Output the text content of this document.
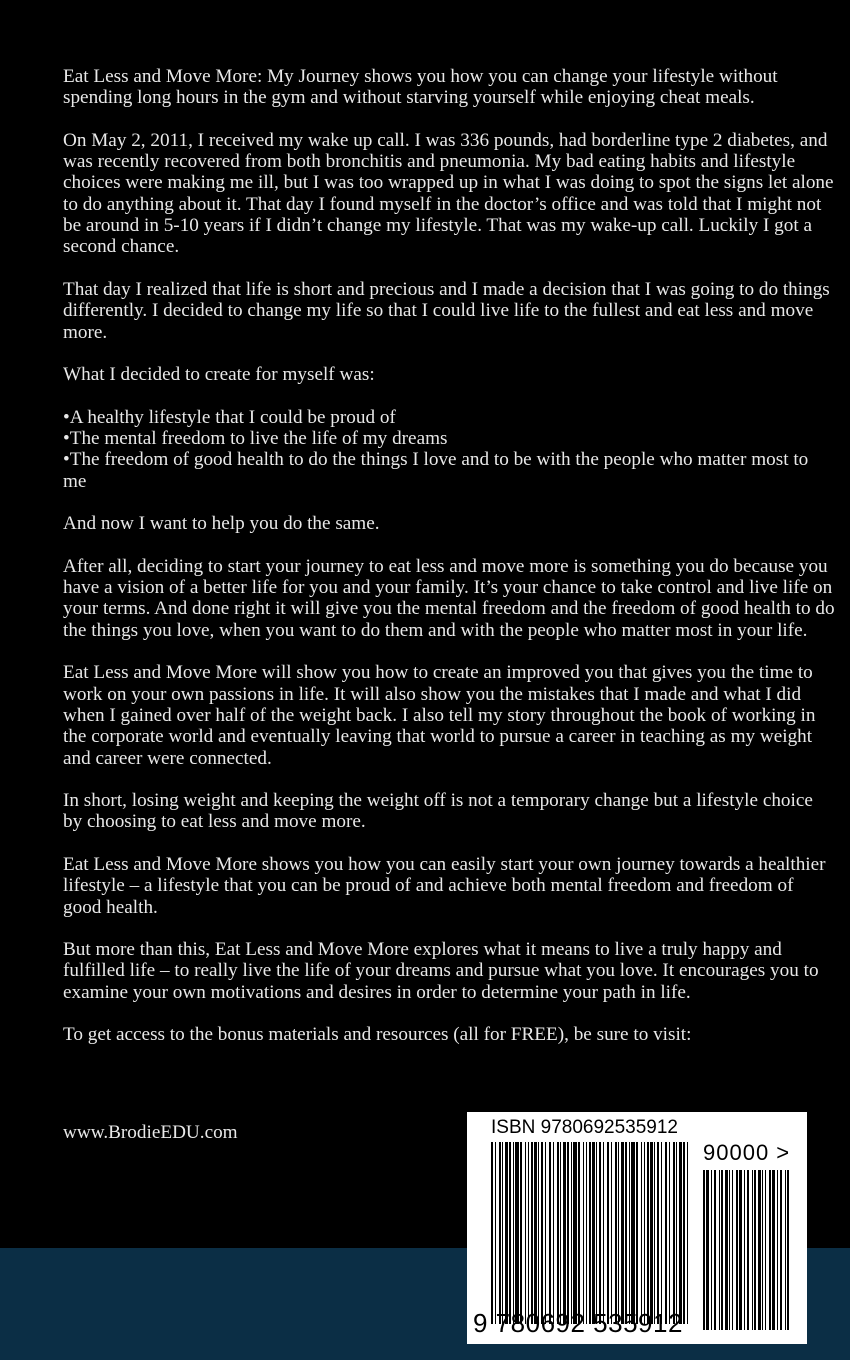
Eat Less and Move More: My Journey shows you how you can change your lifestyle without spending long hours in the gym and without starving yourself while enjoying cheat meals.

On May 2, 2011, I received my wake up call. I was 336 pounds, had borderline type 2 diabetes, and was recently recovered from both bronchitis and pneumonia. My bad eating habits and lifestyle choices were making me ill, but I was too wrapped up in what I was doing to spot the signs let alone to do anything about it. That day I found myself in the doctor’s office and was told that I might not be around in 5-10 years if I didn’t change my lifestyle. That was my wake-up call. Luckily I got a second chance.

That day I realized that life is short and precious and I made a decision that I was going to do things differently. I decided to change my life so that I could live life to the fullest and eat less and move more.

What I decided to create for myself was:

• A healthy lifestyle that I could be proud of
• The mental freedom to live the life of my dreams
• The freedom of good health to do the things I love and to be with the people who matter most to me

And now I want to help you do the same.

After all, deciding to start your journey to eat less and move more is something you do because you have a vision of a better life for you and your family. It’s your chance to take control and live life on your terms. And done right it will give you the mental freedom and the freedom of good health to do the things you love, when you want to do them and with the people who matter most in your life.

Eat Less and Move More will show you how to create an improved you that gives you the time to work on your own passions in life. It will also show you the mistakes that I made and what I did when I gained over half of the weight back. I also tell my story throughout the book of working in the corporate world and eventually leaving that world to pursue a career in teaching as my weight and career were connected.

In short, losing weight and keeping the weight off is not a temporary change but a lifestyle choice by choosing to eat less and move more.

Eat Less and Move More shows you how you can easily start your own journey towards a healthier lifestyle – a lifestyle that you can be proud of and achieve both mental freedom and freedom of good health.

But more than this, Eat Less and Move More explores what it means to live a truly happy and fulfilled life – to really live the life of your dreams and pursue what you love. It encourages you to examine your own motivations and desires in order to determine your path in life.

To get access to the bonus materials and resources (all for FREE), be sure to visit:

www.BrodieEDU.com	ISBN 9780692535912
90000 >
9 780692 535912
